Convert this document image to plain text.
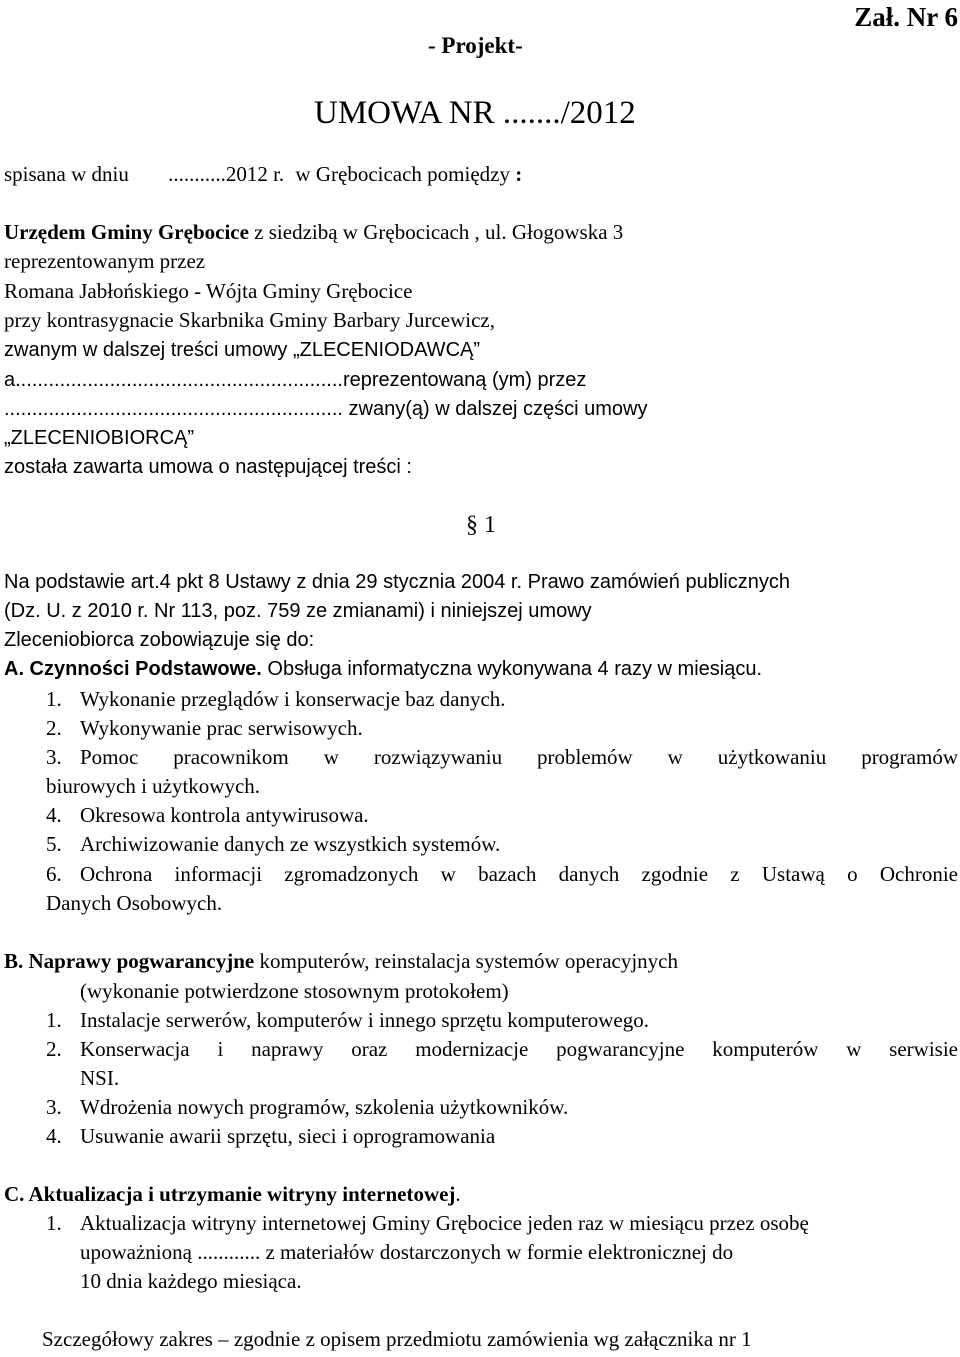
Zał. Nr 6
- Projekt-
UMOWA NR ......./2012
spisana w dniu ...........2012 r. w Grębocicach pomiędzy :
Urzędem Gminy Grębocice z siedzibą w Grębocicach , ul. Głogowska 3
reprezentowanym przez
Romana Jabłońskiego - Wójta Gminy Grębocice
przy kontrasygnacie Skarbnika Gminy Barbary Jurcewicz,
zwanym w dalszej treści umowy „ZLECENIODAWCĄ”
a...........................................................reprezentowaną (ym) przez
............................................................. zwany(ą) w dalszej części umowy
„ZLECENIOBIORCĄ”
została zawarta umowa o następującej treści :
§ 1
Na podstawie art.4 pkt 8 Ustawy z dnia 29 stycznia 2004 r. Prawo zamówień publicznych
(Dz. U. z 2010 r. Nr 113, poz. 759 ze zmianami) i niniejszej umowy
Zleceniobiorca zobowiązuje się do:
A. Czynności Podstawowe. Obsługa informatyczna wykonywana 4 razy w miesiącu.
1. Wykonanie przeglądów i konserwacje baz danych.
2. Wykonywanie prac serwisowych.
3. Pomoc pracownikom w rozwiązywaniu problemów w użytkowaniu programów
biurowych i użytkowych.
4. Okresowa kontrola antywirusowa.
5. Archiwizowanie danych ze wszystkich systemów.
6. Ochrona informacji zgromadzonych w bazach danych zgodnie z Ustawą o Ochronie
Danych Osobowych.
B. Naprawy pogwarancyjne komputerów, reinstalacja systemów operacyjnych
(wykonanie potwierdzone stosownym protokołem)
1. Instalacje serwerów, komputerów i innego sprzętu komputerowego.
2. Konserwacja i naprawy oraz modernizacje pogwarancyjne komputerów w serwisie
NSI.
3. Wdrożenia nowych programów, szkolenia użytkowników.
4. Usuwanie awarii sprzętu, sieci i oprogramowania
C. Aktualizacja i utrzymanie witryny internetowej.
1. Aktualizacja witryny internetowej Gminy Grębocice jeden raz w miesiącu przez osobę
upoważnioną ............ z materiałów dostarczonych w formie elektronicznej do
10 dnia każdego miesiąca.
Szczegółowy zakres – zgodnie z opisem przedmiotu zamówienia wg załącznika nr 1
